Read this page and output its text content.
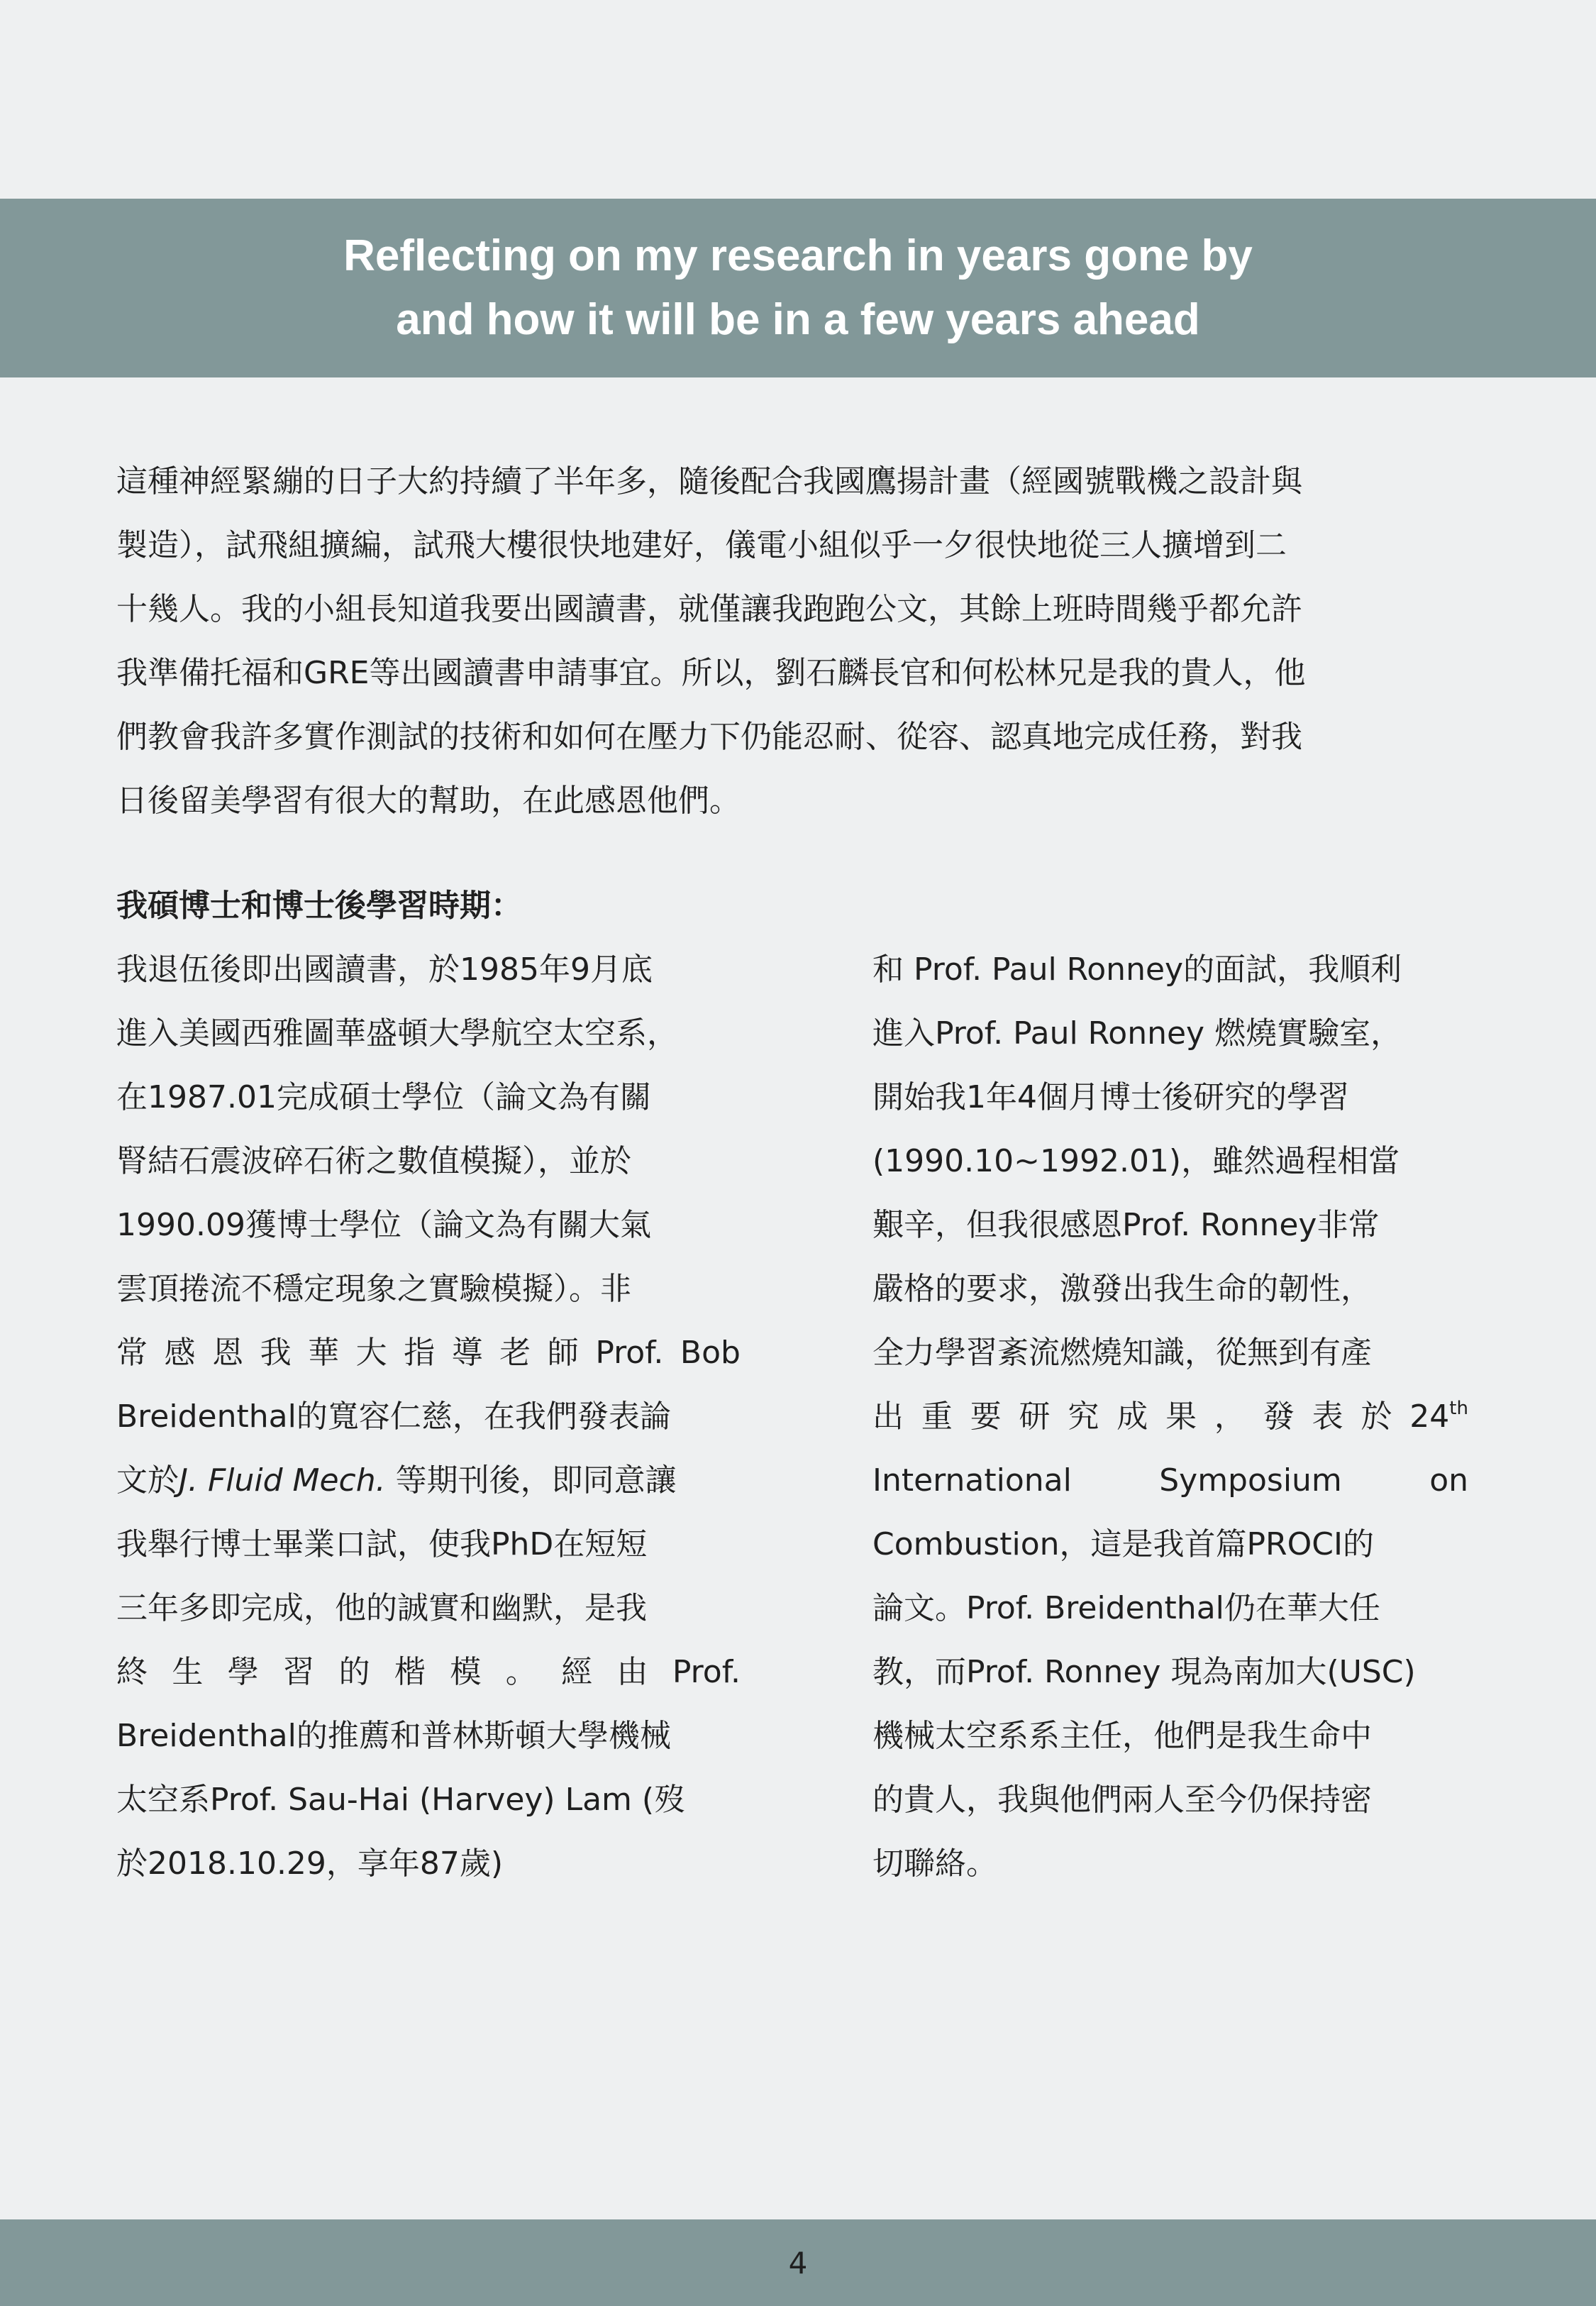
Reflecting on my research in years gone by
and how it will be in a few years ahead
這種神經緊繃的日子大約持續了半年多，隨後配合我國鷹揚計畫（經國號戰機之設計與
製造），試飛組擴編，試飛大樓很快地建好，儀電小組似乎一夕很快地從三人擴增到二
十幾人。我的小組長知道我要出國讀書，就僅讓我跑跑公文，其餘上班時間幾乎都允許
我準備托福和GRE等出國讀書申請事宜。所以，劉石麟長官和何松林兄是我的貴人，他
們教會我許多實作測試的技術和如何在壓力下仍能忍耐、從容、認真地完成任務，對我
日後留美學習有很大的幫助，在此感恩他們。
我碩博士和博士後學習時期：
我退伍後即出國讀書，於1985年9月底
進入美國西雅圖華盛頓大學航空太空系，
在1987.01完成碩士學位（論文為有關
腎結石震波碎石術之數值模擬），並於
1990.09獲博士學位（論文為有關大氣
雲頂捲流不穩定現象之實驗模擬）。非
常 感 恩 我 華 大 指 導 老 師 Prof. Bob
Breidenthal的寬容仁慈，在我們發表論
文於J. Fluid Mech. 等期刊後，即同意讓
我舉行博士畢業口試，使我PhD在短短
三年多即完成，他的誠實和幽默，是我
終 生 學 習 的 楷 模 。 經 由 Prof.
Breidenthal的推薦和普林斯頓大學機械
太空系Prof. Sau-Hai (Harvey) Lam (歿
於2018.10.29，享年87歲)
和 Prof. Paul Ronney的面試，我順利
進入Prof. Paul Ronney 燃燒實驗室，
開始我1年4個月博士後研究的學習
(1990.10~1992.01)，雖然過程相當
艱辛，但我很感恩Prof. Ronney非常
嚴格的要求，激發出我生命的韌性，
全力學習紊流燃燒知識，從無到有產
出 重 要 研 究 成 果 ， 發 表 於 24th
International	Symposium	on
Combustion，這是我首篇PROCI的
論文。Prof. Breidenthal仍在華大任
教，而Prof. Ronney 現為南加大(USC)
機械太空系系主任，他們是我生命中
的貴人，我與他們兩人至今仍保持密
切聯絡。
4
